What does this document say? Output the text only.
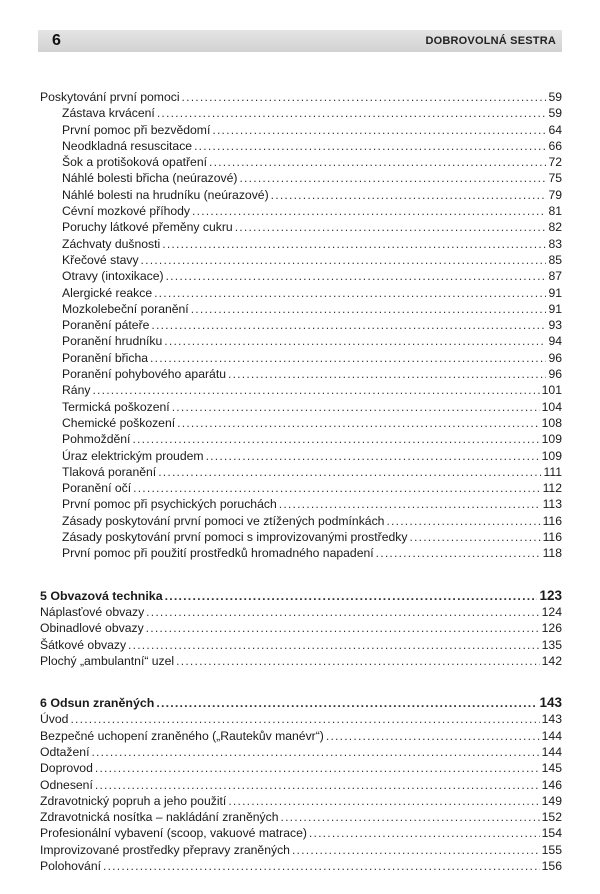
6	DOBROVOLNÁ SESTRA
Poskytování první pomoci .....	59
Zástava krvácení .....	59
První pomoc při bezvědomí .....	64
Neodkladná resuscitace .....	66
Šok a protišoková opatření .....	72
Náhlé bolesti břicha (neúrazové) .....	75
Náhlé bolesti na hrudníku (neúrazové) .....	79
Cévní mozkové příhody .....	81
Poruchy látkové přeměny cukru .....	82
Záchvaty dušnosti .....	83
Křečové stavy .....	85
Otravy (intoxikace) .....	87
Alergické reakce .....	91
Mozkolebeční poranění .....	91
Poranění páteře .....	93
Poranění hrudníku .....	94
Poranění břicha .....	96
Poranění pohybového aparátu .....	96
Rány .....	101
Termická poškození .....	104
Chemické poškození .....	108
Pohmoždění .....	109
Úraz elektrickým proudem .....	109
Tlaková poranění .....	111
Poranění očí .....	112
První pomoc při psychických poruchách .....	113
Zásady poskytování první pomoci ve ztížených podmínkách .....	116
Zásady poskytování první pomoci s improvizovanými prostředky .....	116
První pomoc při použití prostředků hromadného napadení .....	118
5 Obvazová technika .....	123
Náplasťové obvazy .....	124
Obinadlové obvazy .....	126
Šátkové obvazy .....	135
Plochý „ambulantní“ uzel .....	142
6 Odsun zraněných .....	143
Úvod .....	143
Bezpečné uchopení zraněného („Rautekův manévr“) .....	144
Odtažení .....	144
Doprovod .....	145
Odnesení .....	146
Zdravotnický popruh a jeho použití .....	149
Zdravotnická nosítka – nakládání zraněných .....	152
Profesionální vybavení (scoop, vakuové matrace) .....	154
Improvizované prostředky přepravy zraněných .....	155
Polohování .....	156
